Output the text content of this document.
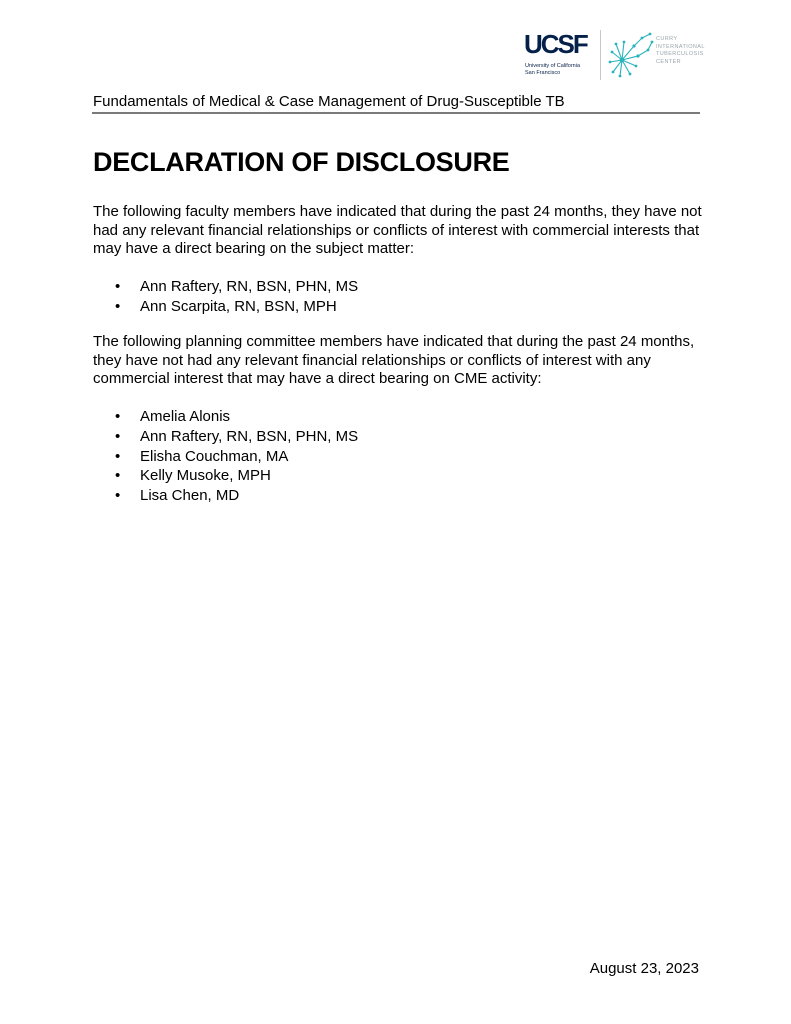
UCSF
University of California
San Francisco
CURRY
INTERNATIONAL
TUBERCULOSIS
CENTER
Fundamentals of Medical & Case Management of Drug-Susceptible TB
DECLARATION OF DISCLOSURE

The following faculty members have indicated that during the past 24 months, they have not had any relevant financial relationships or conflicts of interest with commercial interests that may have a direct bearing on the subject matter:

• Ann Raftery, RN, BSN, PHN, MS
• Ann Scarpita, RN, BSN, MPH

The following planning committee members have indicated that during the past 24 months, they have not had any relevant financial relationships or conflicts of interest with any commercial interest that may have a direct bearing on CME activity:

• Amelia Alonis
• Ann Raftery, RN, BSN, PHN, MS
• Elisha Couchman, MA
• Kelly Musoke, MPH
• Lisa Chen, MD
August 23, 2023
